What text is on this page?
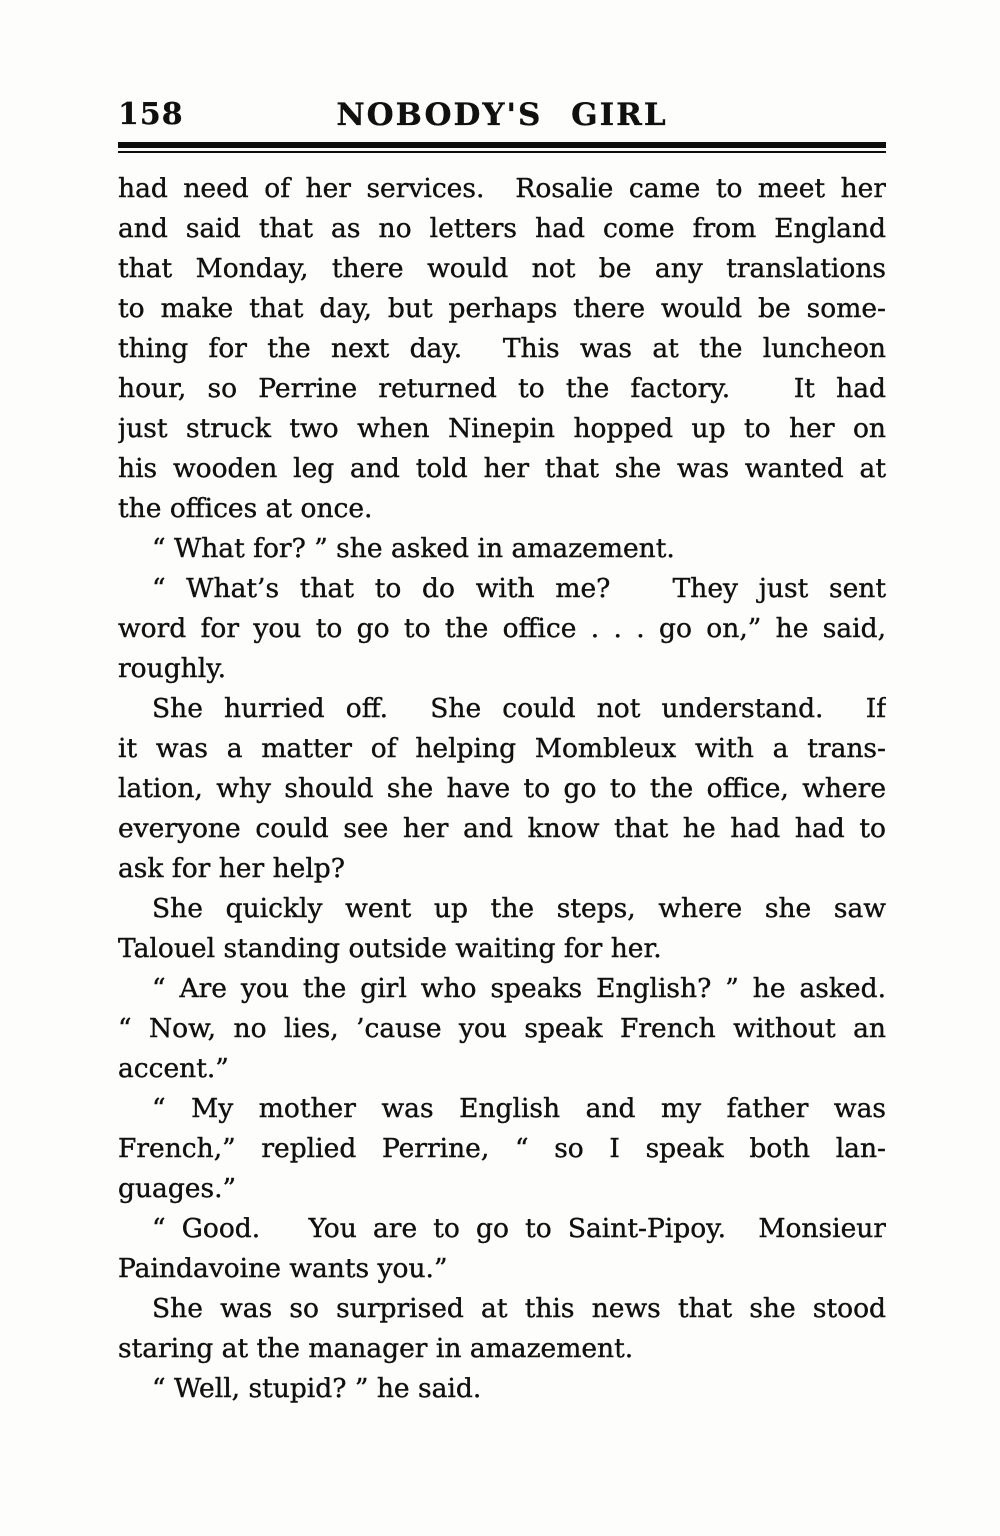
158	NOBODY'S GIRL
had need of her services.  Rosalie came to meet her
and said that as no letters had come from England
that Monday, there would not be any translations
to make that day, but perhaps there would be some-
thing for the next day.  This was at the luncheon
hour, so Perrine returned to the factory.   It had
just struck two when Ninepin hopped up to her on
his wooden leg and told her that she was wanted at
the offices at once.
“ What for? ” she asked in amazement.
“ What’s that to do with me?   They just sent
word for you to go to the office . . . go on,” he said,
roughly.
She hurried off.  She could not understand.  If
it was a matter of helping Mombleux with a trans-
lation, why should she have to go to the office, where
everyone could see her and know that he had had to
ask for her help?
She quickly went up the steps, where she saw
Talouel standing outside waiting for her.
“ Are you the girl who speaks English? ” he asked.
“ Now, no lies, ’cause you speak French without an
accent.”
“ My mother was English and my father was
French,” replied Perrine, “ so I speak both lan-
guages.”
“ Good.   You are to go to Saint-Pipoy.  Monsieur
Paindavoine wants you.”
She was so surprised at this news that she stood
staring at the manager in amazement.
“ Well, stupid? ” he said.
